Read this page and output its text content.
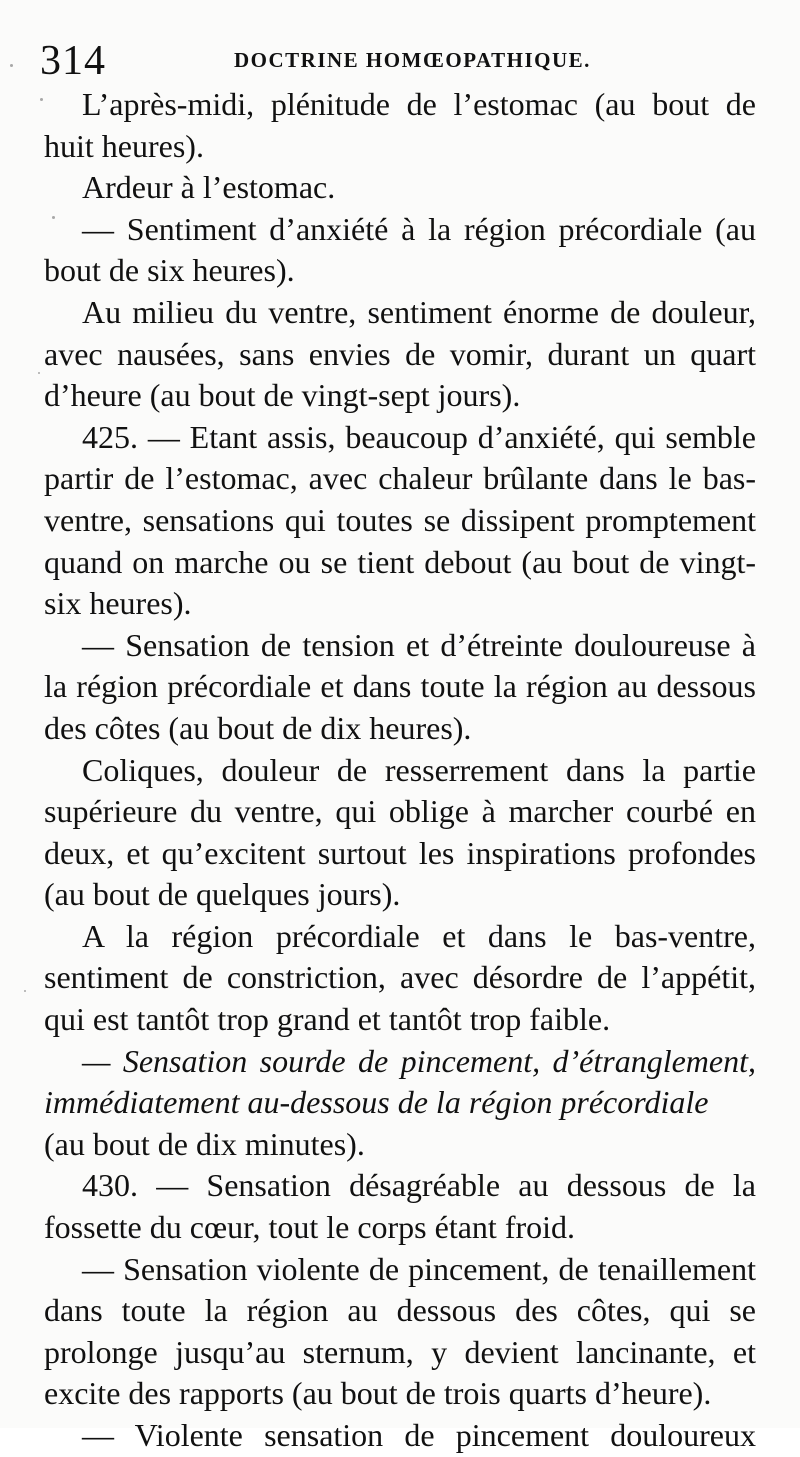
314	DOCTRINE HOMŒOPATHIQUE.

L’après-midi, plénitude de l’estomac (au bout de huit heures).

Ardeur à l’estomac.

— Sentiment d’anxiété à la région précordiale (au bout de six heures).

Au milieu du ventre, sentiment énorme de douleur, avec nausées, sans envies de vomir, durant un quart d’heure (au bout de vingt-sept jours).

425. — Etant assis, beaucoup d’anxiété, qui semble partir de l’estomac, avec chaleur brûlante dans le bas-ventre, sensations qui toutes se dissipent promptement quand on marche ou se tient debout (au bout de vingt-six heures).

— Sensation de tension et d’étreinte douloureuse à la région précordiale et dans toute la région au dessous des côtes (au bout de dix heures).

Coliques, douleur de resserrement dans la partie supérieure du ventre, qui oblige à marcher courbé en deux, et qu’excitent surtout les inspirations profondes (au bout de quelques jours).

A la région précordiale et dans le bas-ventre, sentiment de constriction, avec désordre de l’appétit, qui est tantôt trop grand et tantôt trop faible.

— Sensation sourde de pincement, d’étranglement, immédiatement au-dessous de la région précordiale

(au bout de dix minutes).

430. — Sensation désagréable au dessous de la fossette du cœur, tout le corps étant froid.

— Sensation violente de pincement, de tenaillement dans toute la région au dessous des côtes, qui se prolonge jusqu’au sternum, y devient lancinante, et excite des rapports (au bout de trois quarts d’heure).

— Violente sensation de pincement douloureux
